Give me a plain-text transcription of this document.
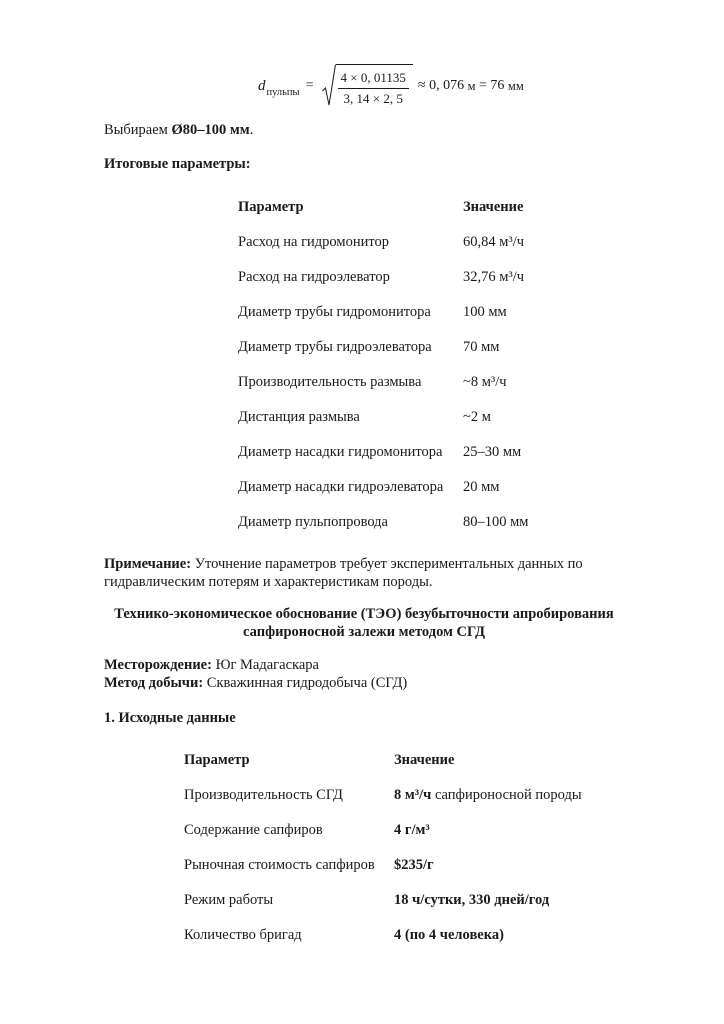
d пульпы = $\frac{4 \times 0, 01135}{3, 14 \times 2, 5} \approx 0$, 076
м
= 76
мм

Выбираем Ø80–100 мм.

Итоговые параметры:

Параметр	Значение
Расход на гидромонитор	60,84 м³/ч
Расход на гидроэлеватор	32,76 м³/ч
Диаметр трубы гидромонитора	100 мм
Диаметр трубы гидроэлеватора	70 мм
Производительность размыва	~8 м³/ч
Дистанция размыва	~2 м
Диаметр насадки гидромонитора	25–30 мм
Диаметр насадки гидроэлеватора	20 мм
Диаметр пульпопровода	80–100 мм

Примечание: Уточнение параметров требует экспериментальных данных по гидравлическим потерям и характеристикам породы.

Технико-экономическое обоснование (ТЭО) безубыточности апробирования сапфироносной залежи методом СГД

Месторождение: Юг Мадагаскара
Метод добычи: Скважинная гидродобыча (СГД)

1. Исходные данные

Параметр	Значение
Производительность СГД	8 м³/ч сапфироносной породы
Содержание сапфиров	4 г/м³
Рыночная стоимость сапфиров	$235/г
Режим работы	18 ч/сутки, 330 дней/год
Количество бригад	4 (по 4 человека)
